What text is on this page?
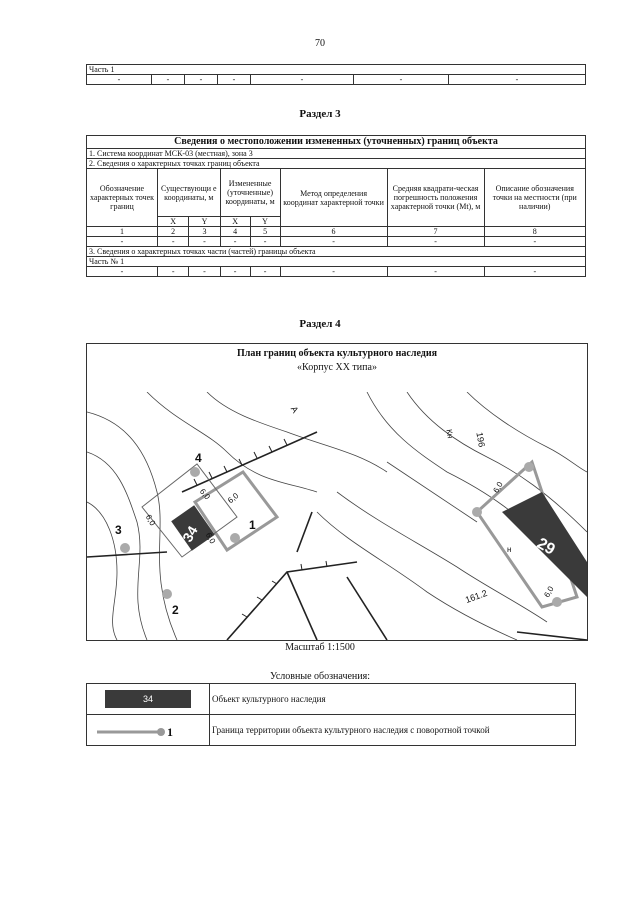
70
Часть 1
-	-	-	-	-	-	-
Раздел 3
Сведения о местоположении измененных (уточненных) границ объекта							
1. Система координат МСК-03 (местная), зона 3							
2. Сведения о характерных точках границ объекта							
Обозначение характерных точек границ	Существующи е координаты, м		Измененные (уточненные) координаты, м		Метод определения координат характерной точки	Средняя квадрати-ческая погрешность положения характерной точки (Mt), м	Описание обозначения точки на местности (при наличии)
	X	Y	X	Y			
1	2	3	4	5	6	7	8
-	-	-	-	-	-	-	-
3. Сведения о характерных точках части (частей) границы объекта							
Часть № 1							
-	-	-	-	-	-	-	-
Раздел 4
План границ объекта культурного наследия
«Корпус XX типа»
1
2
3
4
34
29
6,0 6,0
6,0
6,0
6,0
6,0
196
161.2
Кн
А
н
Масштаб 1:1500
Условные обозначения:
34	Объект культурного наследия

1	Граница территории объекта культурного наследия с поворотной точкой
